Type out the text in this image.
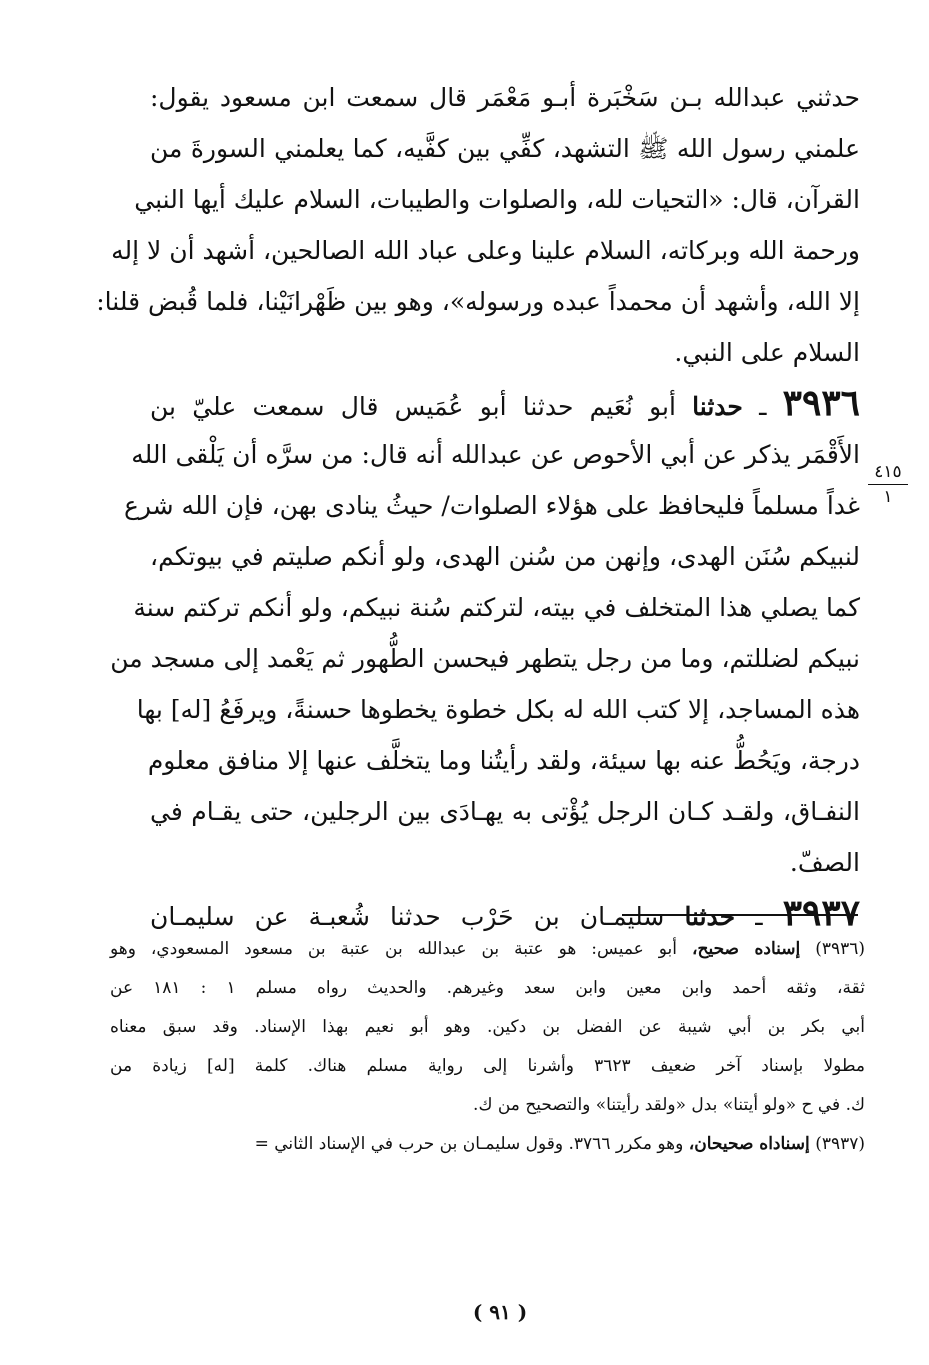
حدثني عبدالله بـن سَخْبَرة أبـو مَعْمَر قال سمعت ابن مسعود يقول:
علمني رسول الله ﷺ التشهد، كفِّي بين كفَّيه، كما يعلمني السورةَ من
القرآن، قال: «التحيات لله، والصلوات والطيبات، السلام عليك أيها النبي
ورحمة الله وبركاته، السلام علينا وعلى عباد الله الصالحين، أشهد أن لا إله
إلا الله، وأشهد أن محمداً عبده ورسوله»، وهو بين ظَهْرانَيْنا، فلما قُبض قلنا:
السلام على النبي.
٣٩٣٦ ـ حدثنا أبو نُعَيم حدثنا أبو عُمَيس قال سمعت عليّ بن
الأَقْمَر يذكر عن أبي الأحوص عن عبدالله أنه قال: من سرَّه أن يَلْقى الله
غداً مسلماً فليحافظ على هؤلاء الصلوات/ حيثُ ينادى بهن، فإن الله شرع
لنبيكم سُنَن الهدى، وإنهن من سُنن الهدى، ولو أنكم صليتم في بيوتكم،
كما يصلي هذا المتخلف في بيته، لتركتم سُنة نبيكم، ولو أنكم تركتم سنة
نبيكم لضللتم، وما من رجل يتطهر فيحسن الطُّهور ثم يَعْمد إلى مسجد من
هذه المساجد، إلا كتب الله له بكل خطوة يخطوها حسنةً، ويرفَعُ [له] بها
درجة، ويَحُطُّ عنه بها سيئة، ولقد رأيتُنا وما يتخلَّف عنها إلا منافق معلوم
النفـاق، ولقـد كـان الرجل يُؤْتى به يهـادَى بين الرجلين، حتى يقـام في
الصفّ.
٣٩٣٧ ـ حدثنا سليمـان بن حَرْب حدثنا شُعبـة عن سليمـان
٤١٥
١
(٣٩٣٦) إسناده صحيح، أبو عميس: هو عتبة بن عبدالله بن عتبة بن مسعود المسعودي، وهو
ثقة، وثقه أحمد وابن معين وابن سعد وغيرهم. والحديث رواه مسلم ١ : ١٨١ عن
أبي بكر بن أبي شيبة عن الفضل بن دكين. وهو أبو نعيم بهذا الإسناد. وقد سبق معناه
مطولا بإسناد آخر ضعيف ٣٦٢٣ وأشرنا إلى رواية مسلم هناك. كلمة [له] زيادة من
ك. في ح «ولو أيتنا» بدل «ولقد رأيتنا» والتصحيح من ك.
(٣٩٣٧) إسناداه صحيحان، وهو مكرر ٣٧٦٦. وقول سليمـان بن حرب في الإسناد الثاني =
( ٩١ )
